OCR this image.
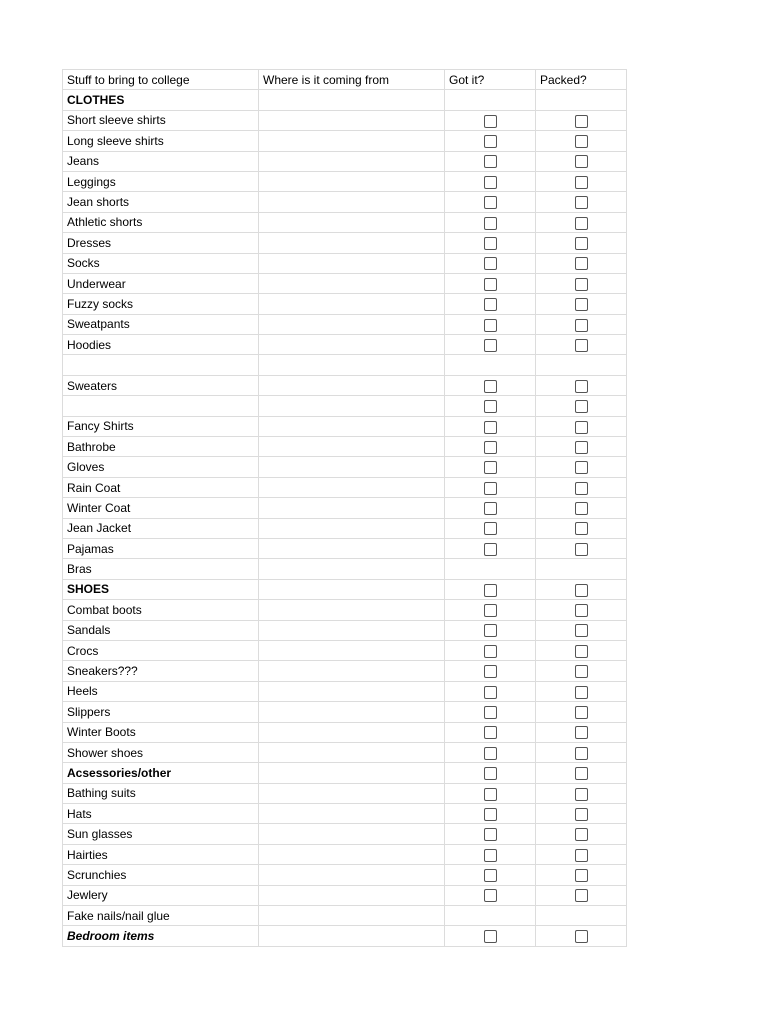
Stuff to bring to college	Where is it coming from	Got it?	Packed?
CLOTHES			
Short sleeve shirts			
Long sleeve shirts			
Jeans			
Leggings			
Jean shorts			
Athletic shorts			
Dresses			
Socks			
Underwear			
Fuzzy socks			
Sweatpants			
Hoodies			

Sweaters			

Fancy Shirts			
Bathrobe			
Gloves			
Rain Coat			
Winter Coat			
Jean Jacket			
Pajamas			
Bras			
SHOES			
Combat boots			
Sandals			
Crocs			
Sneakers???			
Heels			
Slippers			
Winter Boots			
Shower shoes			
Acsessories/other			
Bathing suits			
Hats			
Sun glasses			
Hairties			
Scrunchies			
Jewlery			
Fake nails/nail glue			
Bedroom items			
